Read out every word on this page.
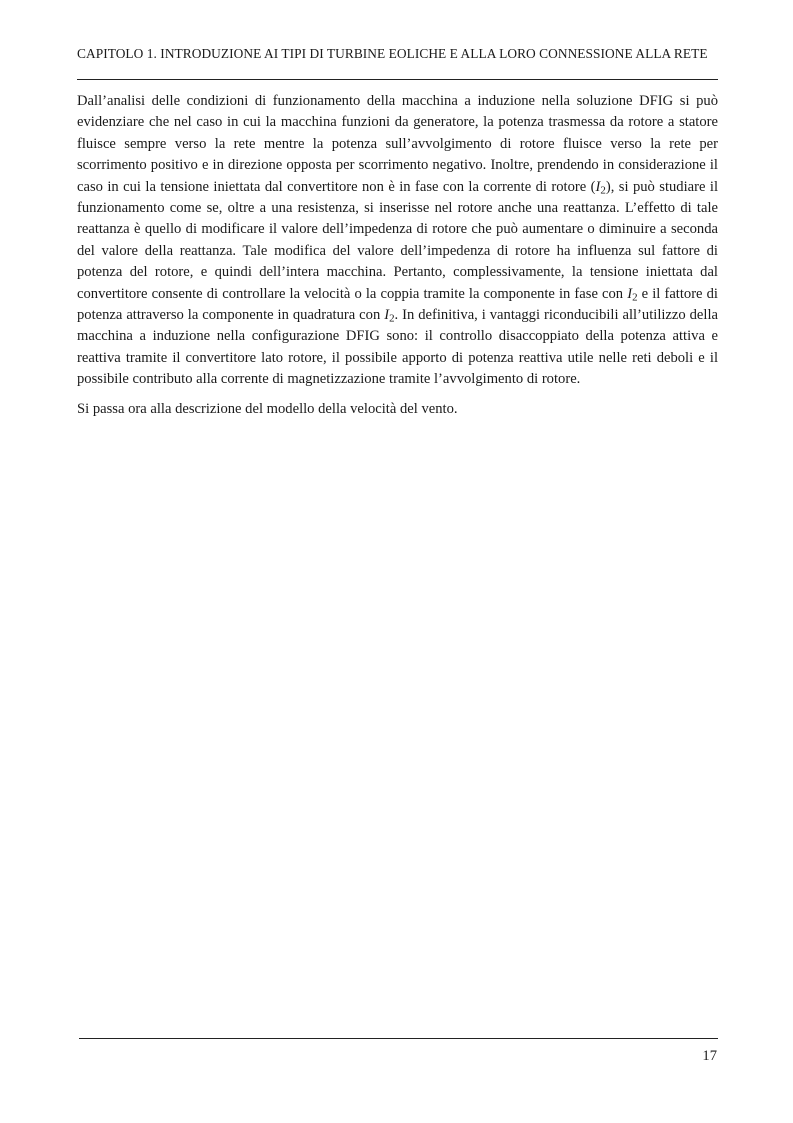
CAPITOLO 1. INTRODUZIONE AI TIPI DI TURBINE EOLICHE E ALLA LORO CONNESSIONE ALLA RETE

Dall’analisi delle condizioni di funzionamento della macchina a induzione nella soluzione DFIG si può evidenziare che nel caso in cui la macchina funzioni da generatore, la potenza trasmessa da rotore a statore fluisce sempre verso la rete mentre la potenza sull’avvolgimento di rotore fluisce verso la rete per scorrimento positivo e in direzione opposta per scorrimento negativo. Inoltre, prendendo in considerazione il caso in cui la tensione iniettata dal convertitore non è in fase con la corrente di rotore $(I_2)$, si può studiare il funzionamento come se, oltre a una resistenza, si inserisse nel rotore anche una reattanza. L’effetto di tale reattanza è quello di modificare il valore dell’impedenza di rotore che può aumentare o diminuire a seconda del valore della reattanza. Tale modifica del valore dell’impedenza di rotore ha influenza sul fattore di potenza del rotore, e quindi dell’intera macchina. Pertanto, complessivamente, la tensione iniettata dal convertitore consente di controllare la velocità o la coppia tramite la componente in fase con $I_2$ e il fattore di potenza attraverso la componente in quadratura con $I_2$. In definitiva, i vantaggi riconducibili all’utilizzo della macchina a induzione nella configurazione DFIG sono: il controllo disaccoppiato della potenza attiva e reattiva tramite il convertitore lato rotore, il possibile apporto di potenza reattiva utile nelle reti deboli e il possibile contributo alla corrente di magnetizzazione tramite l’avvolgimento di rotore.

Si passa ora alla descrizione del modello della velocità del vento.

17
